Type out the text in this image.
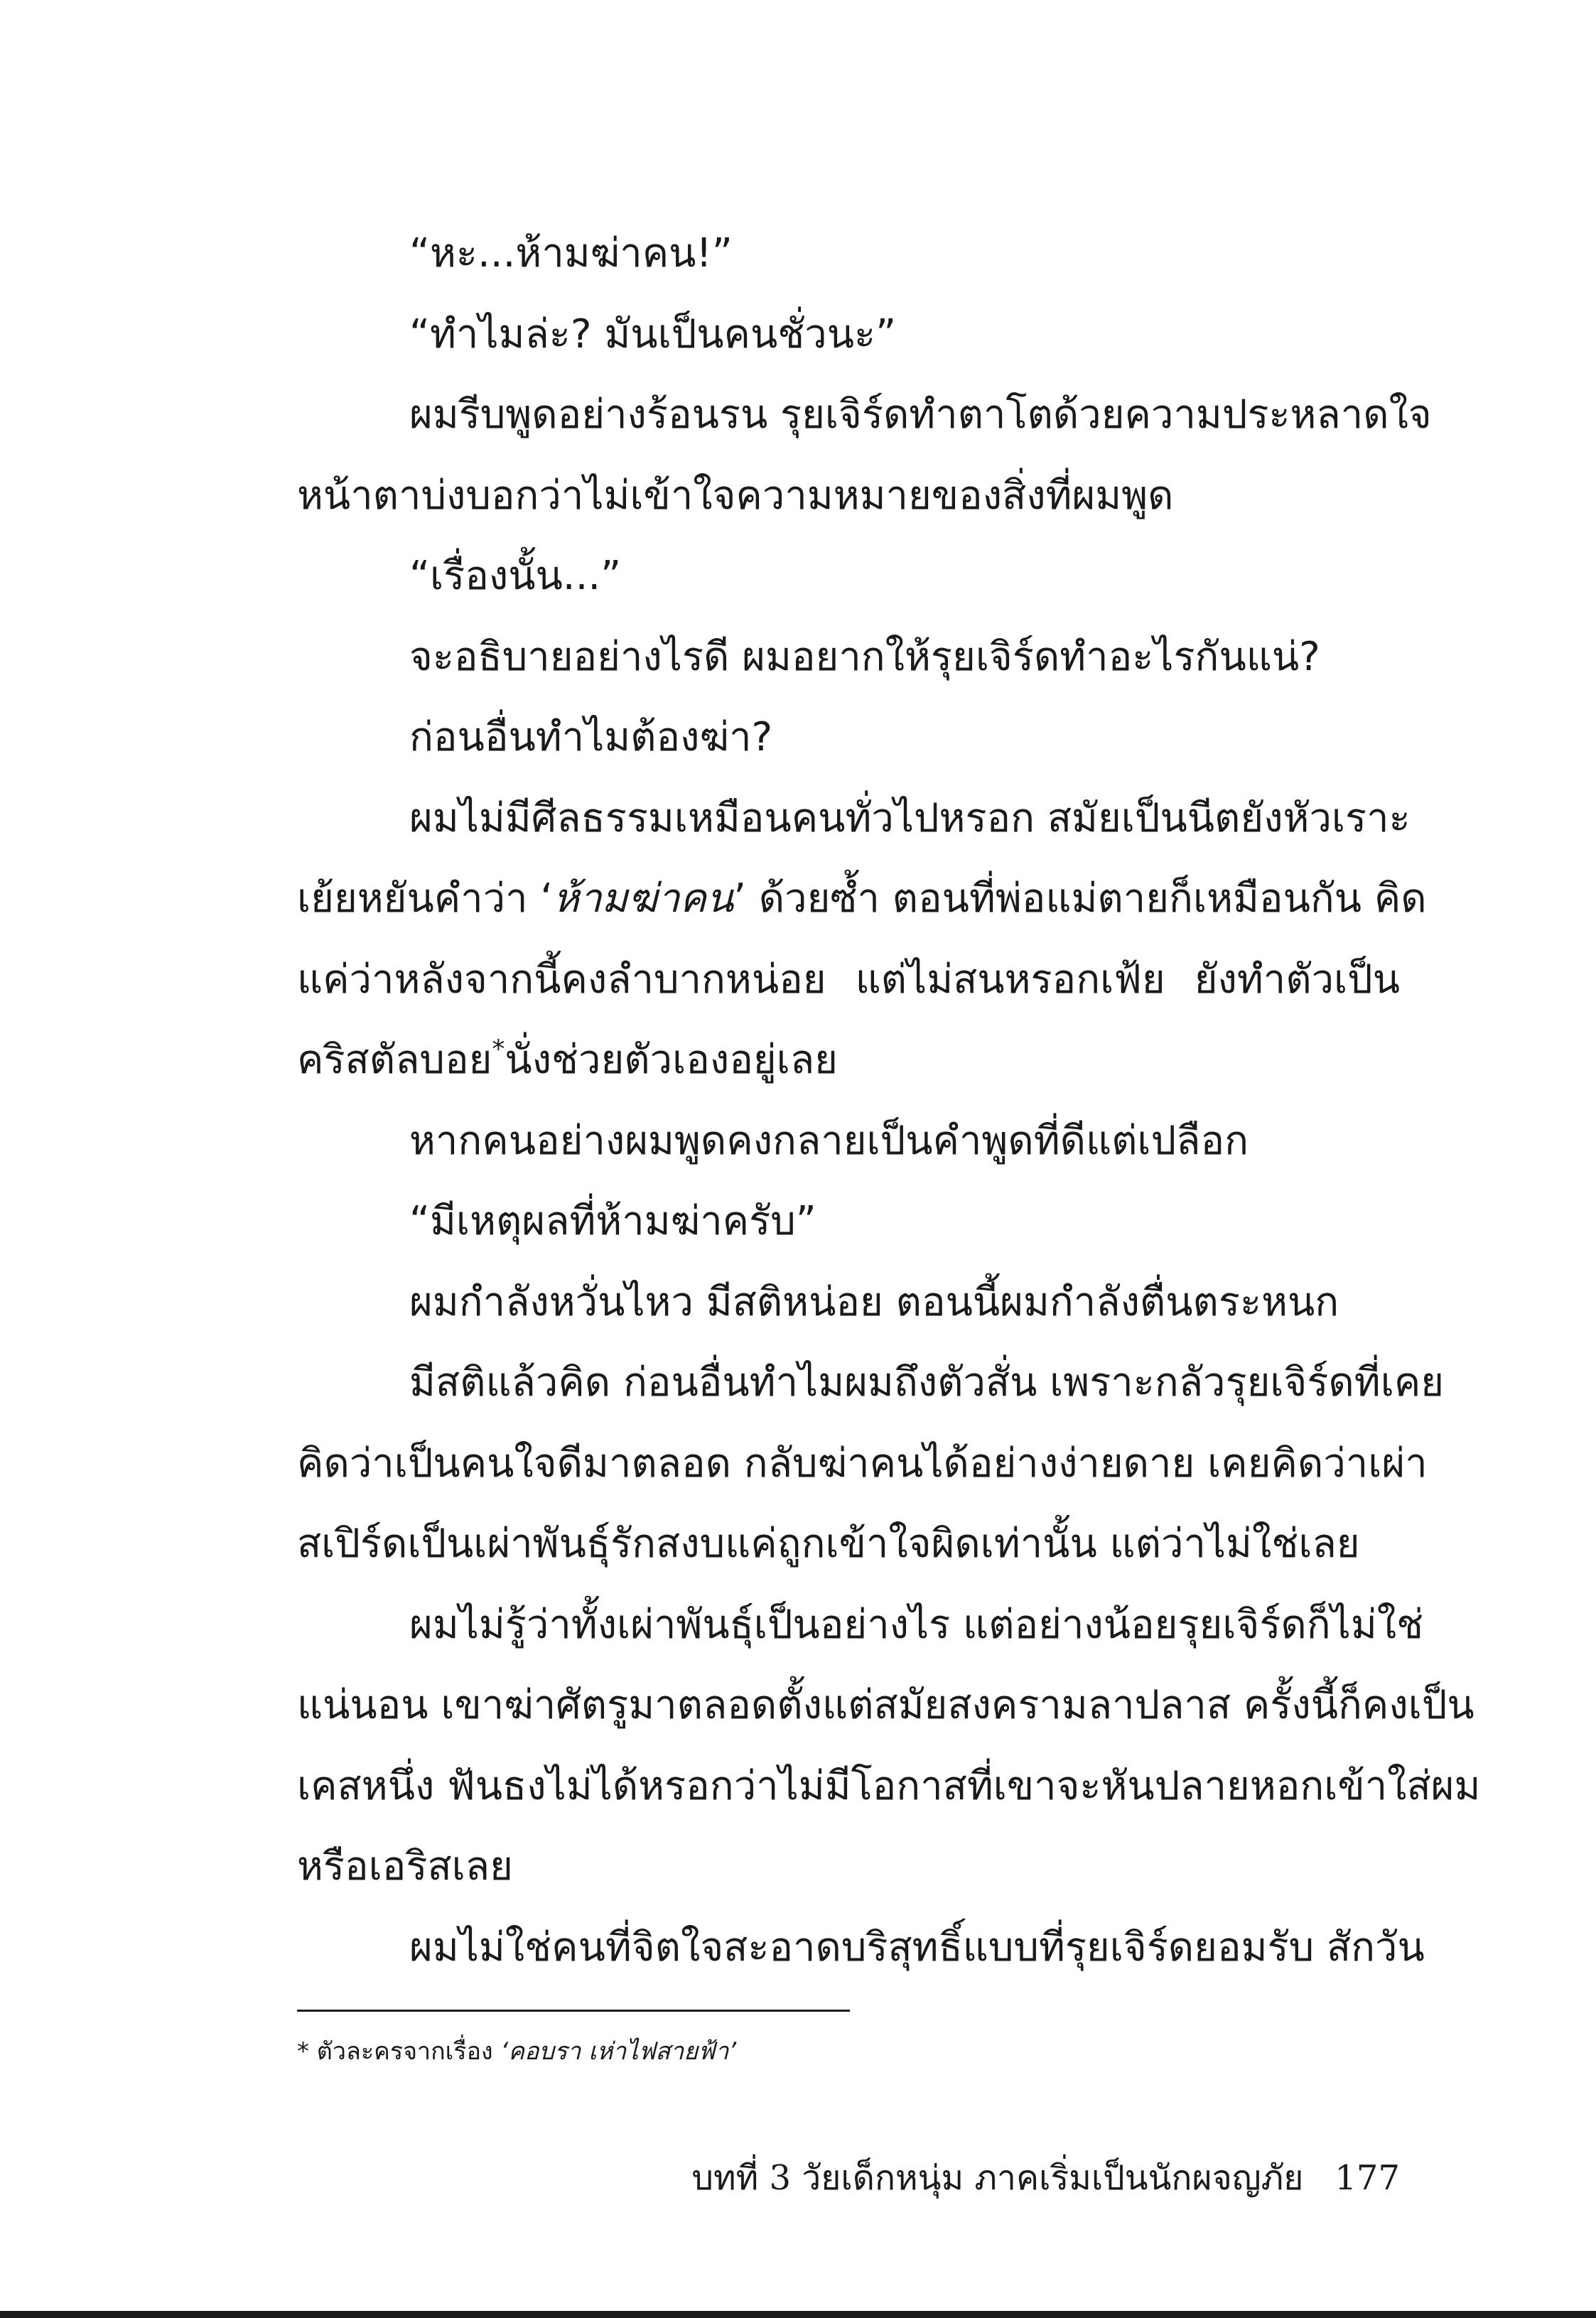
“หะ...ห้ามฆ่าคน!”
“ทำไมล่ะ? มันเป็นคนชั่วนะ”
ผมรีบพูดอย่างร้อนรน รุยเจิร์ดทำตาโตด้วยความประหลาดใจ
หน้าตาบ่งบอกว่าไม่เข้าใจความหมายของสิ่งที่ผมพูด
“เรื่องนั้น...”
จะอธิบายอย่างไรดี ผมอยากให้รุยเจิร์ดทำอะไรกันแน่?
ก่อนอื่นทำไมต้องฆ่า?
ผมไม่มีศีลธรรมเหมือนคนทั่วไปหรอก สมัยเป็นนีตยังหัวเราะ
เย้ยหยันคำว่า ‘ห้ามฆ่าคน’ ด้วยซ้ำ ตอนที่พ่อแม่ตายก็เหมือนกัน คิด
แค่ว่าหลังจากนี้คงลำบากหน่อย แต่ไม่สนหรอกเฟ้ย ยังทำตัวเป็น
คริสตัลบอย*นั่งช่วยตัวเองอยู่เลย
หากคนอย่างผมพูดคงกลายเป็นคำพูดที่ดีแต่เปลือก
“มีเหตุผลที่ห้ามฆ่าครับ”
ผมกำลังหวั่นไหว มีสติหน่อย ตอนนี้ผมกำลังตื่นตระหนก
มีสติแล้วคิด ก่อนอื่นทำไมผมถึงตัวสั่น เพราะกลัวรุยเจิร์ดที่เคย
คิดว่าเป็นคนใจดีมาตลอด กลับฆ่าคนได้อย่างง่ายดาย เคยคิดว่าเผ่า
สเปิร์ดเป็นเผ่าพันธุ์รักสงบแค่ถูกเข้าใจผิดเท่านั้น แต่ว่าไม่ใช่เลย
ผมไม่รู้ว่าทั้งเผ่าพันธุ์เป็นอย่างไร แต่อย่างน้อยรุยเจิร์ดก็ไม่ใช่
แน่นอน เขาฆ่าศัตรูมาตลอดตั้งแต่สมัยสงครามลาปลาส ครั้งนี้ก็คงเป็น
เคสหนึ่ง ฟันธงไม่ได้หรอกว่าไม่มีโอกาสที่เขาจะหันปลายหอกเข้าใส่ผม
หรือเอริสเลย
ผมไม่ใช่คนที่จิตใจสะอาดบริสุทธิ์แบบที่รุยเจิร์ดยอมรับ สักวัน
* ตัวละครจากเรื่อง ‘คอบรา เห่าไฟสายฟ้า’
บทที่ 3 วัยเด็กหนุ่ม ภาคเริ่มเป็นนักผจญภัย 177
